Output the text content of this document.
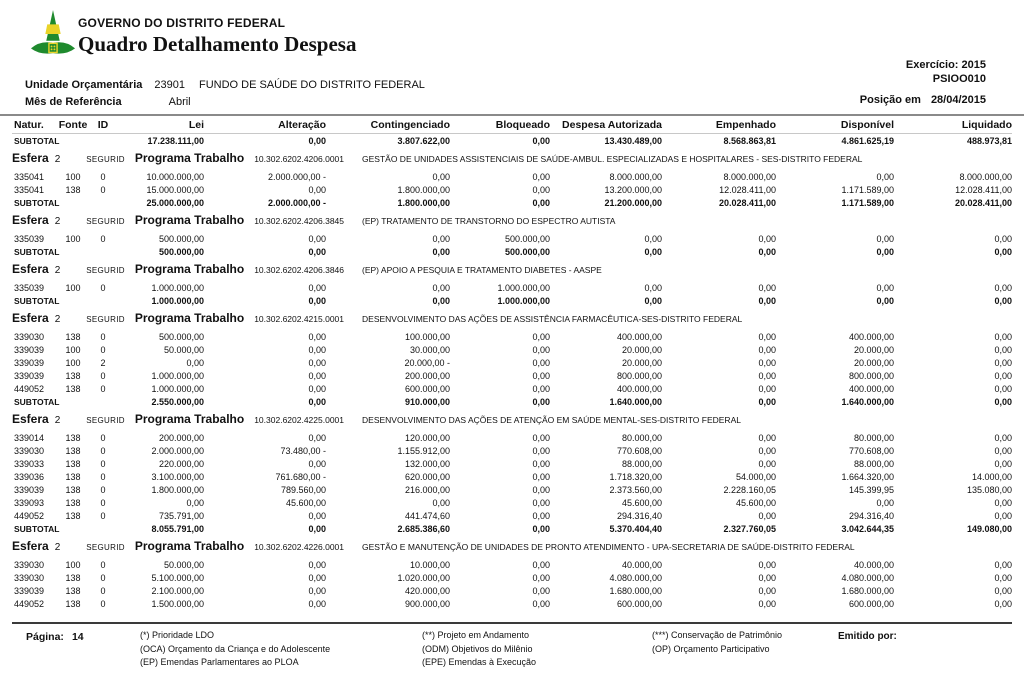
GOVERNO DO DISTRITO FEDERAL
Quadro Detalhamento Despesa
Exercício: 2015
PSIOO010
Posição em 28/04/2015
Unidade Orçamentária 23901 FUNDO DE SAÚDE DO DISTRITO FEDERAL
Mês de Referência	Abril
Natur.	Fonte	ID	Lei	Alteração	Contingenciado	Bloqueado	Despesa Autorizada	Empenhado	Disponível	Liquidado
SUBTOTAL			17.238.111,00	0,00	3.807.622,00	0,00	13.430.489,00	8.568.863,81	4.861.625,19	488.973,81
Esfera 2 SEGURID Programa Trabalho 10.302.6202.4206.0001 GESTÃO DE UNIDADES ASSISTENCIAIS DE SAÚDE-AMBUL. ESPECIALIZADAS E HOSPITALARES - SES-DISTRITO FEDERAL										
335041	100	0	10.000.000,00	2.000.000,00 -	0,00	0,00	8.000.000,00	8.000.000,00	0,00	8.000.000,00
335041	138	0	15.000.000,00	0,00	1.800.000,00	0,00	13.200.000,00	12.028.411,00	1.171.589,00	12.028.411,00
SUBTOTAL			25.000.000,00	2.000.000,00 -	1.800.000,00	0,00	21.200.000,00	20.028.411,00	1.171.589,00	20.028.411,00
Esfera 2 SEGURID Programa Trabalho 10.302.6202.4206.3845 (EP) TRATAMENTO DE TRANSTORNO DO ESPECTRO AUTISTA										
335039	100	0	500.000,00	0,00	0,00	500.000,00	0,00	0,00	0,00	0,00
SUBTOTAL			500.000,00	0,00	0,00	500.000,00	0,00	0,00	0,00	0,00
Esfera 2 SEGURID Programa Trabalho 10.302.6202.4206.3846 (EP) APOIO A PESQUIA E TRATAMENTO DIABETES - AASPE										
335039	100	0	1.000.000,00	0,00	0,00	1.000.000,00	0,00	0,00	0,00	0,00
SUBTOTAL			1.000.000,00	0,00	0,00	1.000.000,00	0,00	0,00	0,00	0,00
Esfera 2 SEGURID Programa Trabalho 10.302.6202.4215.0001 DESENVOLVIMENTO DAS AÇÕES DE ASSISTÊNCIA FARMACÊUTICA-SES-DISTRITO FEDERAL										
339030	138	0	500.000,00	0,00	100.000,00	0,00	400.000,00	0,00	400.000,00	0,00
339039	100	0	50.000,00	0,00	30.000,00	0,00	20.000,00	0,00	20.000,00	0,00
339039	100	2	0,00	0,00	20.000,00 -	0,00	20.000,00	0,00	20.000,00	0,00
339039	138	0	1.000.000,00	0,00	200.000,00	0,00	800.000,00	0,00	800.000,00	0,00
449052	138	0	1.000.000,00	0,00	600.000,00	0,00	400.000,00	0,00	400.000,00	0,00
SUBTOTAL			2.550.000,00	0,00	910.000,00	0,00	1.640.000,00	0,00	1.640.000,00	0,00
Esfera 2 SEGURID Programa Trabalho 10.302.6202.4225.0001 DESENVOLVIMENTO DAS AÇÕES DE ATENÇÃO EM SAÚDE MENTAL-SES-DISTRITO FEDERAL										
339014	138	0	200.000,00	0,00	120.000,00	0,00	80.000,00	0,00	80.000,00	0,00
339030	138	0	2.000.000,00	73.480,00 -	1.155.912,00	0,00	770.608,00	0,00	770.608,00	0,00
339033	138	0	220.000,00	0,00	132.000,00	0,00	88.000,00	0,00	88.000,00	0,00
339036	138	0	3.100.000,00	761.680,00 -	620.000,00	0,00	1.718.320,00	54.000,00	1.664.320,00	14.000,00
339039	138	0	1.800.000,00	789.560,00	216.000,00	0,00	2.373.560,00	2.228.160,05	145.399,95	135.080,00
339093	138	0	0,00	45.600,00	0,00	0,00	45.600,00	45.600,00	0,00	0,00
449052	138	0	735.791,00	0,00	441.474,60	0,00	294.316,40	0,00	294.316,40	0,00
SUBTOTAL			8.055.791,00	0,00	2.685.386,60	0,00	5.370.404,40	2.327.760,05	3.042.644,35	149.080,00
Esfera 2 SEGURID Programa Trabalho 10.302.6202.4226.0001 GESTÃO E MANUTENÇÃO DE UNIDADES DE PRONTO ATENDIMENTO - UPA-SECRETARIA DE SAÚDE-DISTRITO FEDERAL										
339030	100	0	50.000,00	0,00	10.000,00	0,00	40.000,00	0,00	40.000,00	0,00
339030	138	0	5.100.000,00	0,00	1.020.000,00	0,00	4.080.000,00	0,00	4.080.000,00	0,00
339039	138	0	2.100.000,00	0,00	420.000,00	0,00	1.680.000,00	0,00	1.680.000,00	0,00
449052	138	0	1.500.000,00	0,00	900.000,00	0,00	600.000,00	0,00	600.000,00	0,00
Página: 14	(*) Prioridade LDO
(OCA) Orçamento da Criança e do Adolescente
(EP) Emendas Parlamentares ao PLOA
(**) Projeto em Andamento
(ODM) Objetivos do Milênio
(EPE) Emendas à Execução
(***) Conservação de Patrimônio
(OP) Orçamento Participativo
Emitido por:
